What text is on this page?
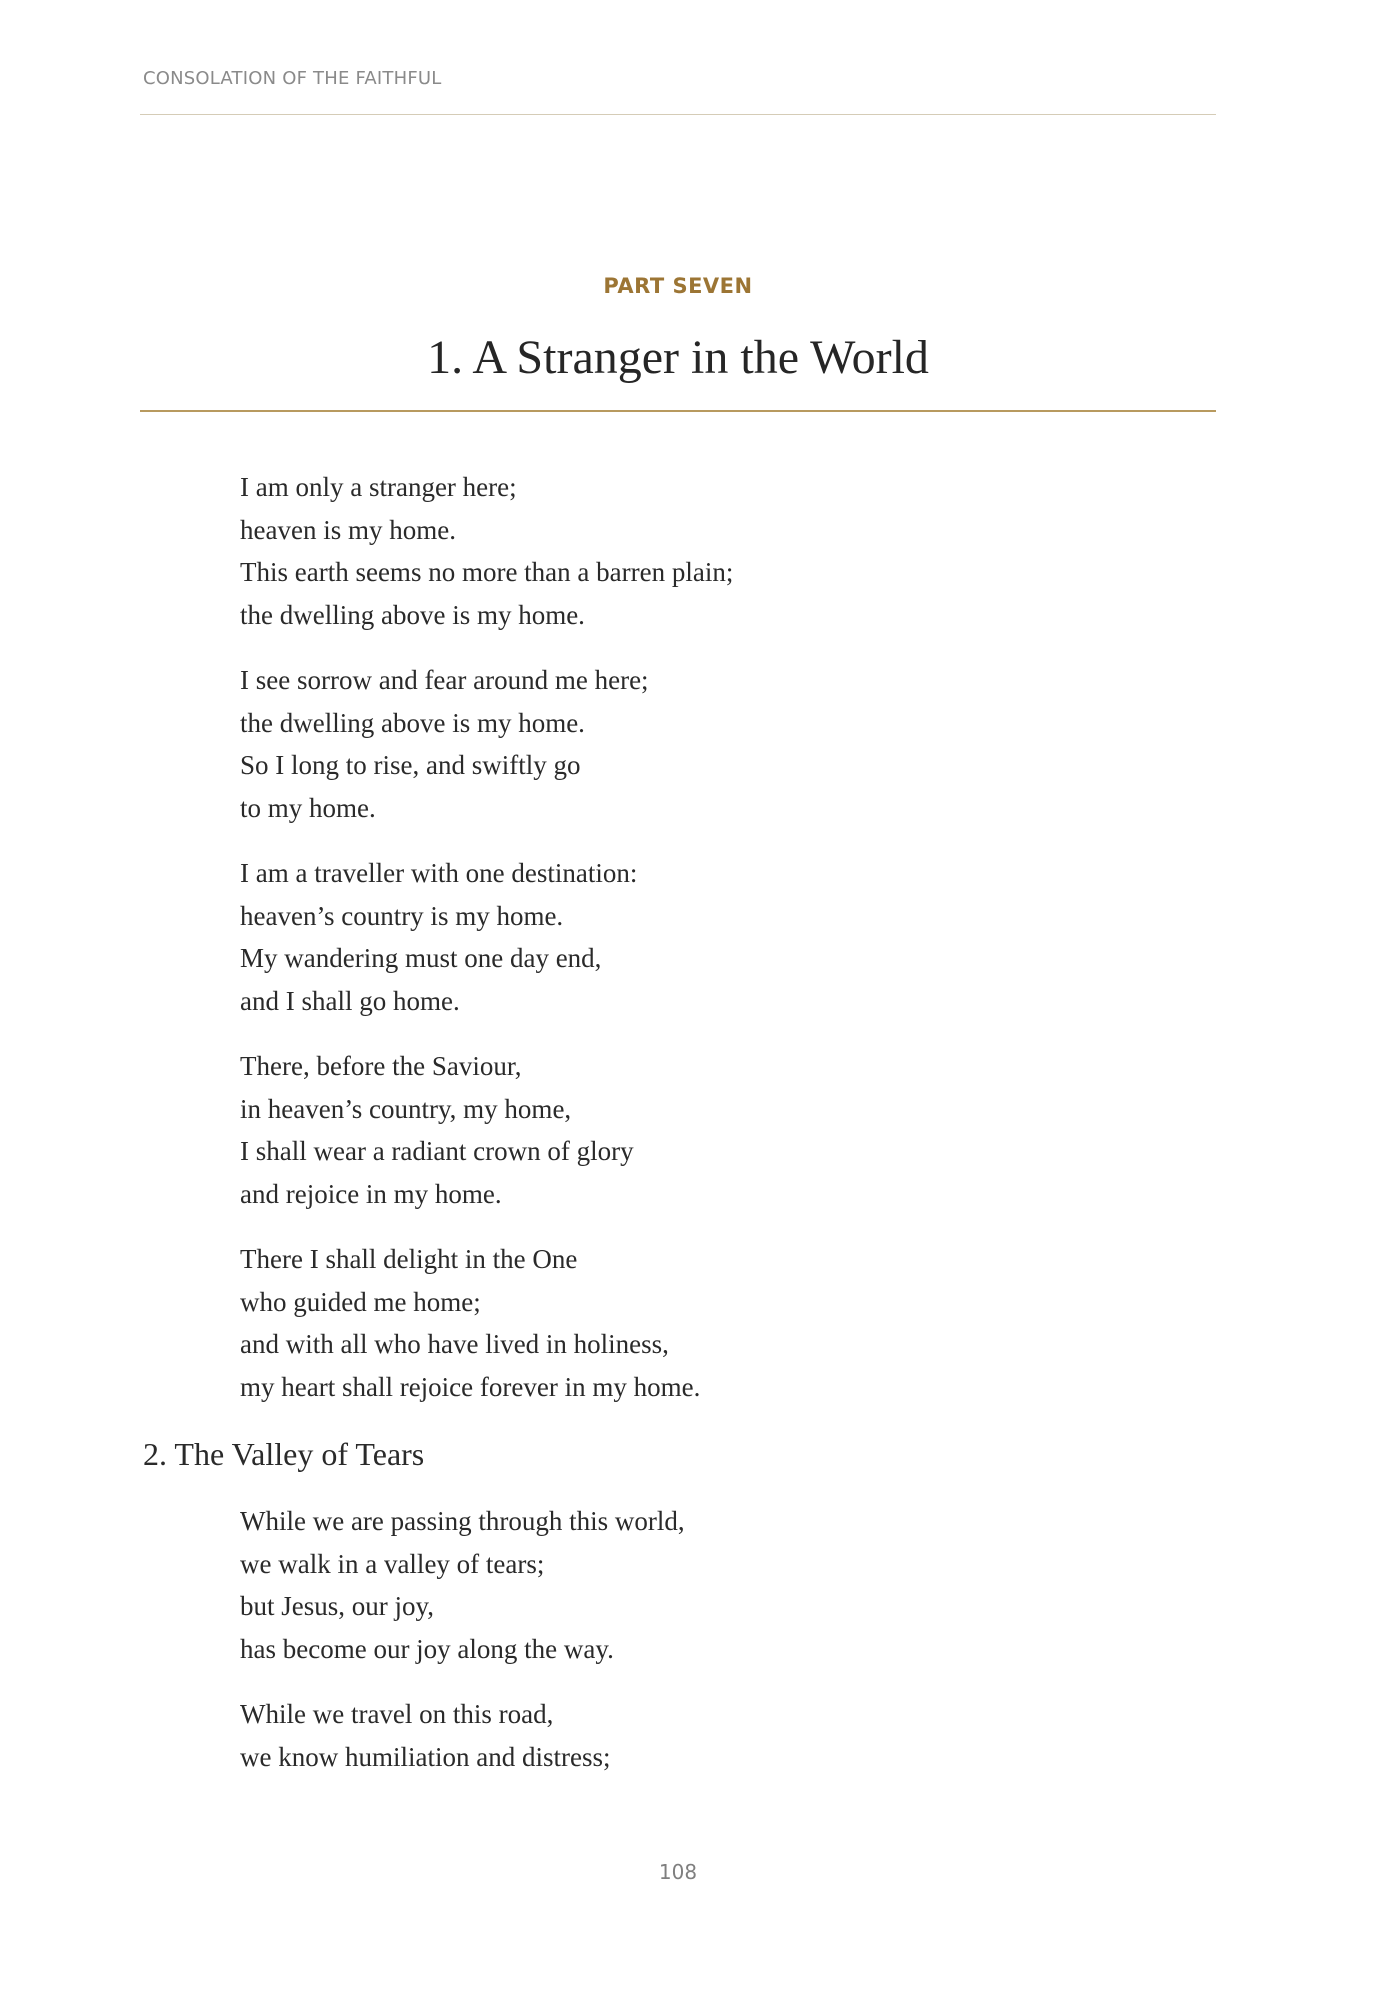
CONSOLATION OF THE FAITHFUL
PART SEVEN
1. A Stranger in the World
I am only a stranger here;
heaven is my home.
This earth seems no more than a barren plain;
the dwelling above is my home.
I see sorrow and fear around me here;
the dwelling above is my home.
So I long to rise, and swiftly go
to my home.
I am a traveller with one destination:
heaven’s country is my home.
My wandering must one day end,
and I shall go home.
There, before the Saviour,
in heaven’s country, my home,
I shall wear a radiant crown of glory
and rejoice in my home.
There I shall delight in the One
who guided me home;
and with all who have lived in holiness,
my heart shall rejoice forever in my home.
2. The Valley of Tears
While we are passing through this world,
we walk in a valley of tears;
but Jesus, our joy,
has become our joy along the way.
While we travel on this road,
we know humiliation and distress;
108
